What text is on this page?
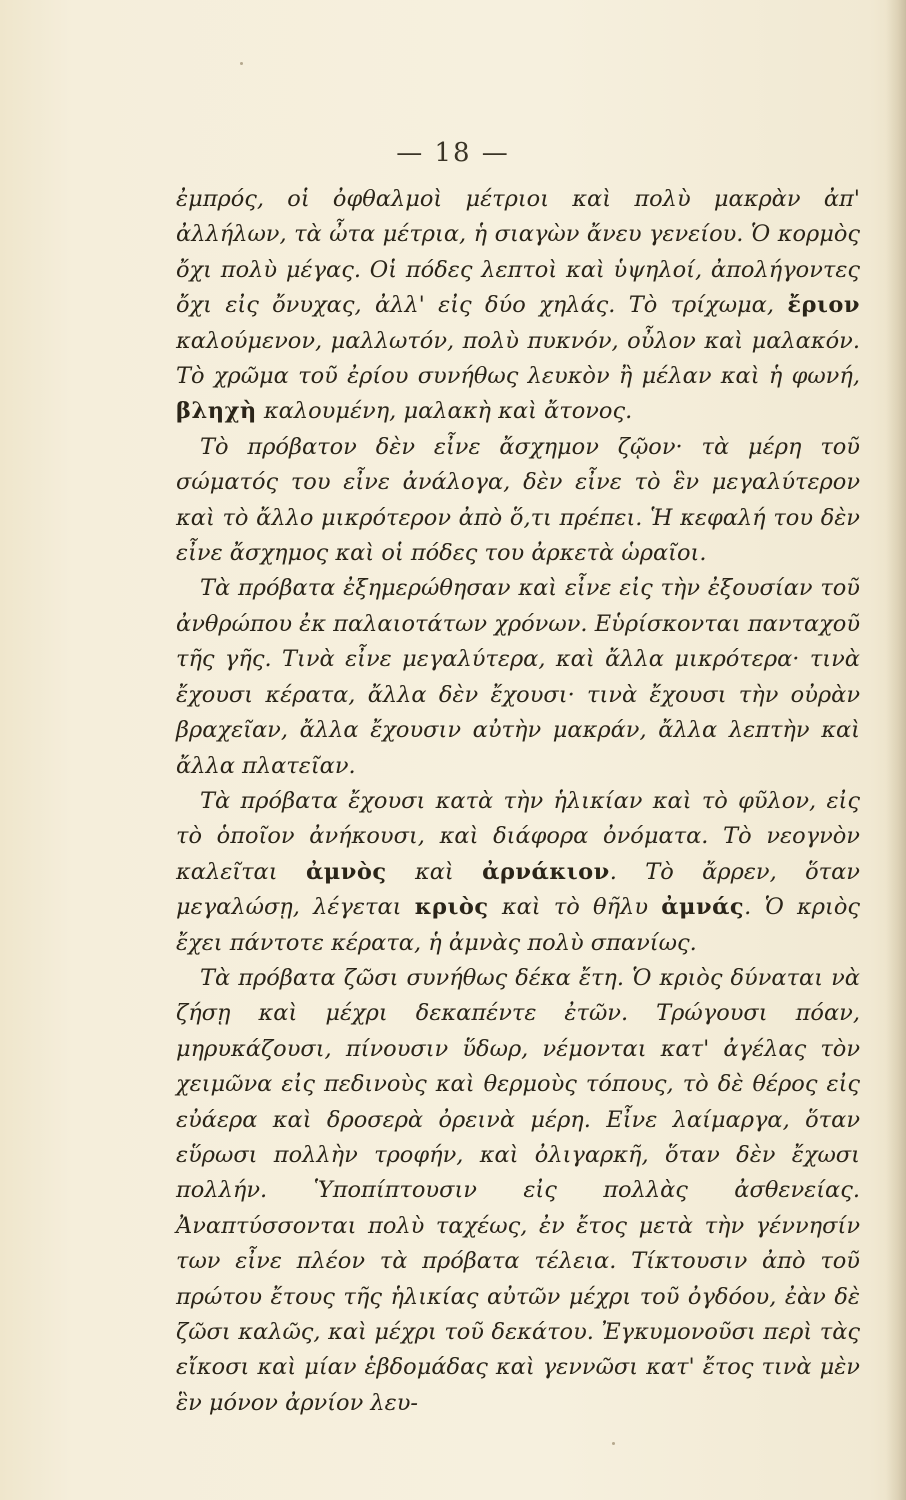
— 18 —

ἐμπρός, οἱ ὀφθαλμοὶ μέτριοι καὶ πολὺ μακρὰν ἀπ' ἀλλήλων, τὰ ὦτα μέτρια, ἡ σιαγὼν ἄνευ γενείου. Ὁ κορμὸς ὄχι πολὺ μέγας. Οἱ πόδες λεπτοὶ καὶ ὑψηλοί, ἀπολήγοντες ὄχι εἰς ὄνυχας, ἀλλ' εἰς δύο χηλάς. Τὸ τρίχωμα, ἔριον καλούμενον, μαλλωτόν, πολὺ πυκνόν, οὖλον καὶ μαλακόν. Τὸ χρῶμα τοῦ ἐρίου συνήθως λευκὸν ἢ μέλαν καὶ ἡ φωνή, βληχὴ καλουμένη, μαλακὴ καὶ ἄτονος.

Τὸ πρόβατον δὲν εἶνε ἄσχημον ζῷον· τὰ μέρη τοῦ σώματός του εἶνε ἀνάλογα, δὲν εἶνε τὸ ἓν μεγαλύτερον καὶ τὸ ἄλλο μικρότερον ἀπὸ ὅ,τι πρέπει. Ἡ κεφαλή του δὲν εἶνε ἄσχημος καὶ οἱ πόδες του ἀρκετὰ ὡραῖοι.

Τὰ πρόβατα ἐξημερώθησαν καὶ εἶνε εἰς τὴν ἐξουσίαν τοῦ ἀνθρώπου ἐκ παλαιοτάτων χρόνων. Εὑρίσκονται πανταχοῦ τῆς γῆς. Τινὰ εἶνε μεγαλύτερα, καὶ ἄλλα μικρότερα· τινὰ ἔχουσι κέρατα, ἄλλα δὲν ἔχουσι· τινὰ ἔχουσι τὴν οὐρὰν βραχεῖαν, ἄλλα ἔχουσιν αὐτὴν μακράν, ἄλλα λεπτὴν καὶ ἄλλα πλατεῖαν.

Τὰ πρόβατα ἔχουσι κατὰ τὴν ἡλικίαν καὶ τὸ φῦλον, εἰς τὸ ὁποῖον ἀνήκουσι, καὶ διάφορα ὀνόματα. Τὸ νεογνὸν καλεῖται ἀμνὸς καὶ ἀρνάκιον. Τὸ ἄρρεν, ὅταν μεγαλώσῃ, λέγεται κριὸς καὶ τὸ θῆλυ ἀμνάς. Ὁ κριὸς ἔχει πάντοτε κέρατα, ἡ ἀμνὰς πολὺ σπανίως.

Τὰ πρόβατα ζῶσι συνήθως δέκα ἔτη. Ὁ κριὸς δύναται νὰ ζήσῃ καὶ μέχρι δεκαπέντε ἐτῶν. Τρώγουσι πόαν, μηρυκάζουσι, πίνουσιν ὕδωρ, νέμονται κατ' ἀγέλας τὸν χειμῶνα εἰς πεδινοὺς καὶ θερμοὺς τόπους, τὸ δὲ θέρος εἰς εὐάερα καὶ δροσερὰ ὀρεινὰ μέρη. Εἶνε λαίμαργα, ὅταν εὕρωσι πολλὴν τροφήν, καὶ ὀλιγαρκῆ, ὅταν δὲν ἔχωσι πολλήν. Ὑποπίπτουσιν εἰς πολλὰς ἀσθενείας. Ἀναπτύσσονται πολὺ ταχέως, ἐν ἔτος μετὰ τὴν γέννησίν των εἶνε πλέον τὰ πρόβατα τέλεια. Τίκτουσιν ἀπὸ τοῦ πρώτου ἔτους τῆς ἡλικίας αὐτῶν μέχρι τοῦ ὀγδόου, ἐὰν δὲ ζῶσι καλῶς, καὶ μέχρι τοῦ δεκάτου. Ἐγκυμονοῦσι περὶ τὰς εἴκοσι καὶ μίαν ἑβδομάδας καὶ γεννῶσι κατ' ἔτος τινὰ μὲν ἓν μόνον ἀρνίον λευ-
